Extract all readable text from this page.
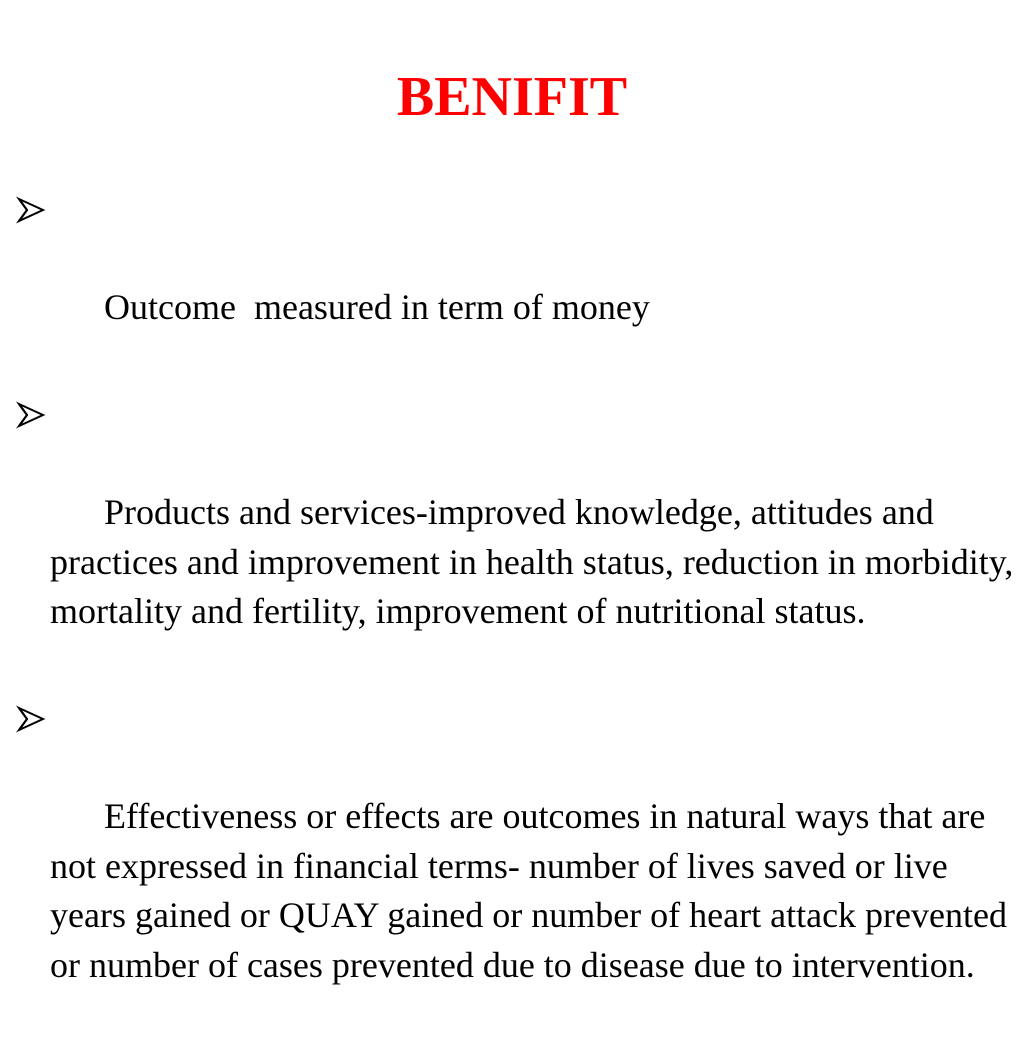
BENIFIT

Outcome  measured in term of money

Products and services-improved knowledge, attitudes and practices and improvement in health status, reduction in morbidity, mortality and fertility, improvement of nutritional status.

Effectiveness or effects are outcomes in natural ways that are not expressed in financial terms- number of lives saved or live years gained or QUAY gained or number of heart attack prevented or number of cases prevented due to disease due to intervention.
